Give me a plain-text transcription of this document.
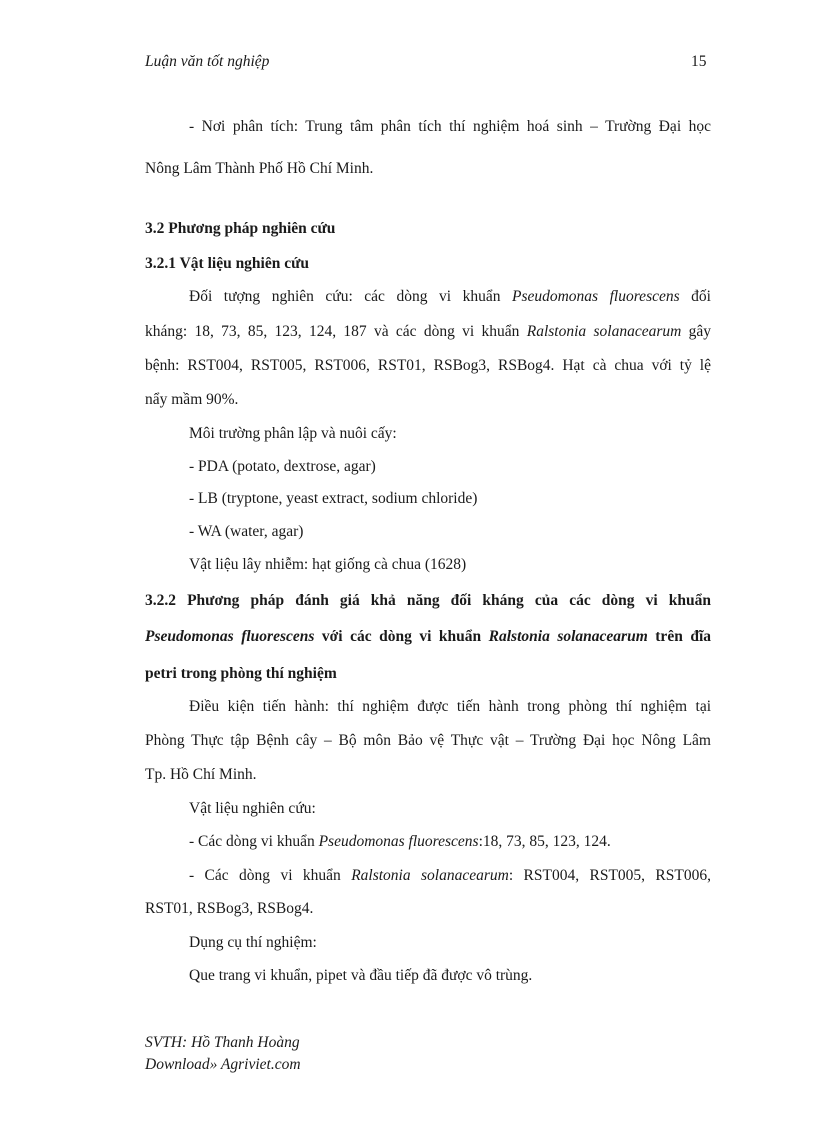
Luận văn tốt nghiệp	15
- Nơi phân tích: Trung tâm phân tích thí nghiệm hoá sinh – Trường Đại học
Nông Lâm Thành Phố Hồ Chí Minh.
3.2 Phương pháp nghiên cứu
3.2.1 Vật liệu nghiên cứu
Đối tượng nghiên cứu: các dòng vi khuẩn Pseudomonas fluorescens đối
kháng: 18, 73, 85, 123, 124, 187 và các dòng vi khuẩn Ralstonia solanacearum gây
bệnh: RST004, RST005, RST006, RST01, RSBog3, RSBog4. Hạt cà chua với tỷ lệ
nẩy mầm 90%.
Môi trường phân lập và nuôi cấy:
- PDA (potato, dextrose, agar)
- LB (tryptone, yeast extract, sodium chloride)
- WA (water, agar)
Vật liệu lây nhiễm: hạt giống cà chua (1628)
3.2.2 Phương pháp đánh giá khả năng đối kháng của các dòng vi khuẩn
Pseudomonas fluorescens với các dòng vi khuẩn Ralstonia solanacearum trên đĩa
petri trong phòng thí nghiệm
Điều kiện tiến hành: thí nghiệm được tiến hành trong phòng thí nghiệm tại
Phòng Thực tập Bệnh cây – Bộ môn Bảo vệ Thực vật – Trường Đại học Nông Lâm
Tp. Hồ Chí Minh.
Vật liệu nghiên cứu:
- Các dòng vi khuẩn Pseudomonas fluorescens:18, 73, 85, 123, 124.
- Các dòng vi khuẩn Ralstonia solanacearum: RST004, RST005, RST006,
RST01, RSBog3, RSBog4.
Dụng cụ thí nghiệm:
Que trang vi khuẩn, pipet và đầu tiếp đã được vô trùng.
SVTH: Hồ Thanh Hoàng
Download» Agriviet.com
